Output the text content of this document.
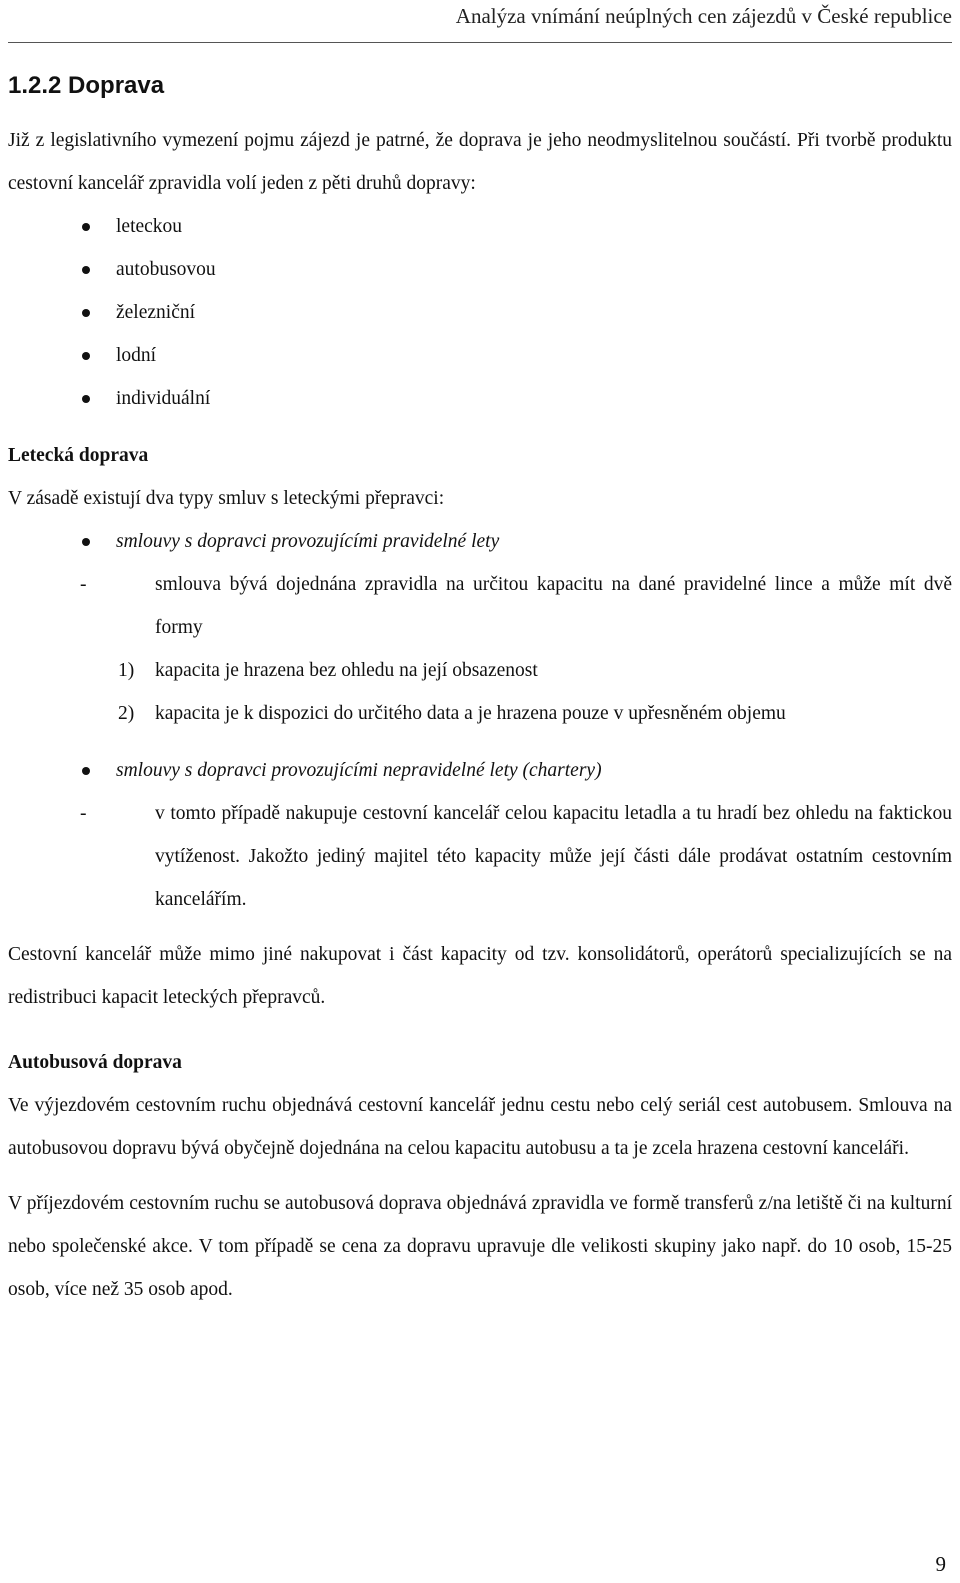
Analýza vnímání neúplných cen zájezdů v České republice
1.2.2 Doprava

Již z legislativního vymezení pojmu zájezd je patrné, že doprava je jeho neodmyslitelnou součástí. Při tvorbě produktu cestovní kancelář zpravidla volí jeden z pěti druhů dopravy:

leteckou
autobusovou
železniční
lodní
individuální
Letecká doprava

V zásadě existují dva typy smluv s leteckými přepravci:

smlouvy s dopravci provozujícími pravidelné lety
-	smlouva bývá dojednána zpravidla na určitou kapacitu na dané pravidelné lince a může mít dvě formy
1) kapacita je hrazena bez ohledu na její obsazenost
2) kapacita je k dispozici do určitého data a je hrazena pouze v upřesněném objemu
smlouvy s dopravci provozujícími nepravidelné lety (chartery)
-	v tomto případě nakupuje cestovní kancelář celou kapacitu letadla a tu hradí bez ohledu na faktickou vytíženost. Jakožto jediný majitel této kapacity může její části dále prodávat ostatním cestovním kancelářím.

Cestovní kancelář může mimo jiné nakupovat i část kapacity od tzv. konsolidátorů, operátorů specializujících se na redistribuci kapacit leteckých přepravců.

Autobusová doprava

Ve výjezdovém cestovním ruchu objednává cestovní kancelář jednu cestu nebo celý seriál cest autobusem. Smlouva na autobusovou dopravu bývá obyčejně dojednána na celou kapacitu autobusu a ta je zcela hrazena cestovní kanceláři.

V příjezdovém cestovním ruchu se autobusová doprava objednává zpravidla ve formě transferů z/na letiště či na kulturní nebo společenské akce. V tom případě se cena za dopravu upravuje dle velikosti skupiny jako např. do 10 osob, 15-25 osob, více než 35 osob apod.

9
